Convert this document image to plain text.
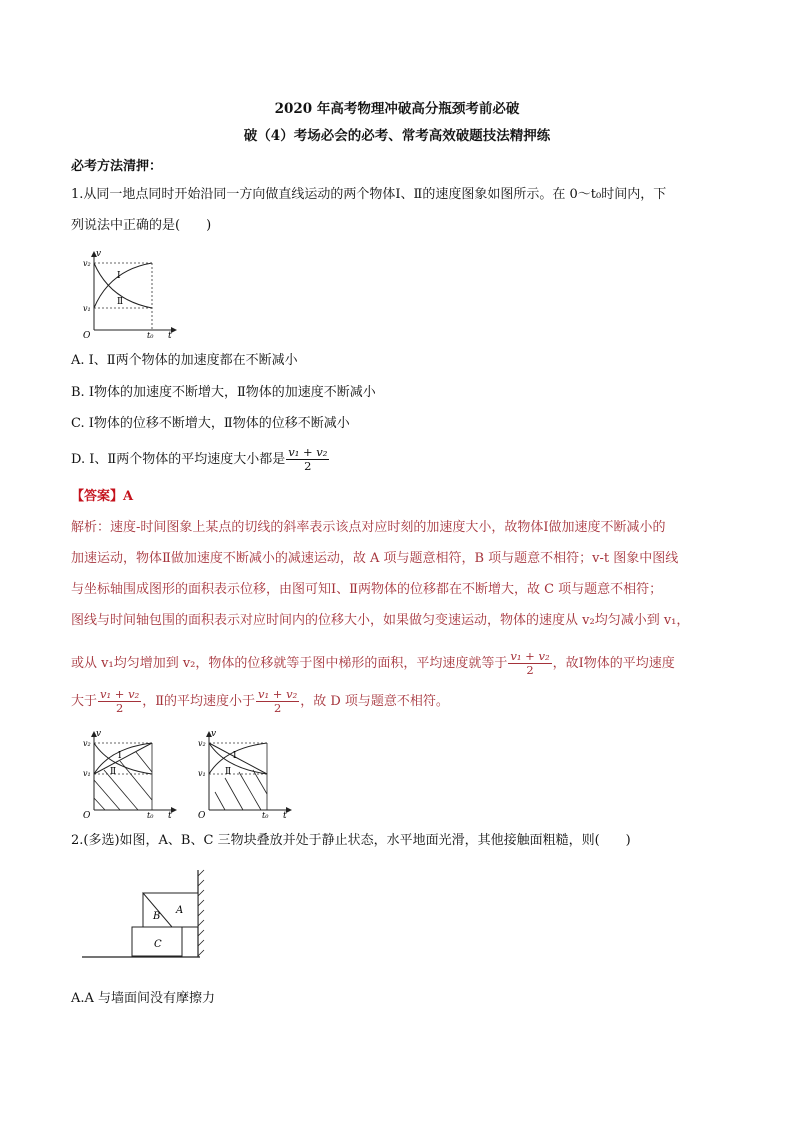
2020 年高考物理冲破高分瓶颈考前必破
破（4）考场必会的必考、常考高效破题技法精押练
必考方法清押：
1.从同一地点同时开始沿同一方向做直线运动的两个物体Ⅰ、Ⅱ的速度图象如图所示。在 0～t₀时间内，下
列说法中正确的是(　　)
v
t
O
v₂
v₁
t₀
Ⅰ
Ⅱ
A. Ⅰ、Ⅱ两个物体的加速度都在不断减小
B. Ⅰ物体的加速度不断增大，Ⅱ物体的加速度不断减小
C. Ⅰ物体的位移不断增大，Ⅱ物体的位移不断减小
D. Ⅰ、Ⅱ两个物体的平均速度大小都是 $\frac{\text{v₁ + v₂}}{2}$
【答案】A
解析：速度-时间图象上某点的切线的斜率表示该点对应时刻的加速度大小，故物体Ⅰ做加速度不断减小的
加速运动，物体Ⅱ做加速度不断减小的减速运动，故 A 项与题意相符，B 项与题意不相符；v-t 图象中图线
与坐标轴围成图形的面积表示位移，由图可知Ⅰ、Ⅱ两物体的位移都在不断增大，故 C 项与题意不相符；
图线与时间轴包围的面积表示对应时间内的位移大小，如果做匀变速运动，物体的速度从 v₂均匀减小到 v₁，
或从 v₁均匀增加到 v₂，物体的位移就等于图中梯形的面积，平均速度就等于 $\frac{\text{v₁ + v₂}}{2}$ ，故Ⅰ物体的平均速度
大于 $\frac{\text{v₁ + v₂}}{2}$ ，Ⅱ的平均速度小于 $\frac{\text{v₁ + v₂}}{2}$ ，故 D 项与题意不相符。
v
t
O
v₂
v₁
t₀
Ⅰ
Ⅱ
v
t
O
v₂
v₁
t₀
Ⅰ
Ⅱ
2.(多选)如图，A、B、C 三物块叠放并处于静止状态，水平地面光滑，其他接触面粗糙，则(　　)
C
B
A
A.A 与墙面间没有摩擦力
